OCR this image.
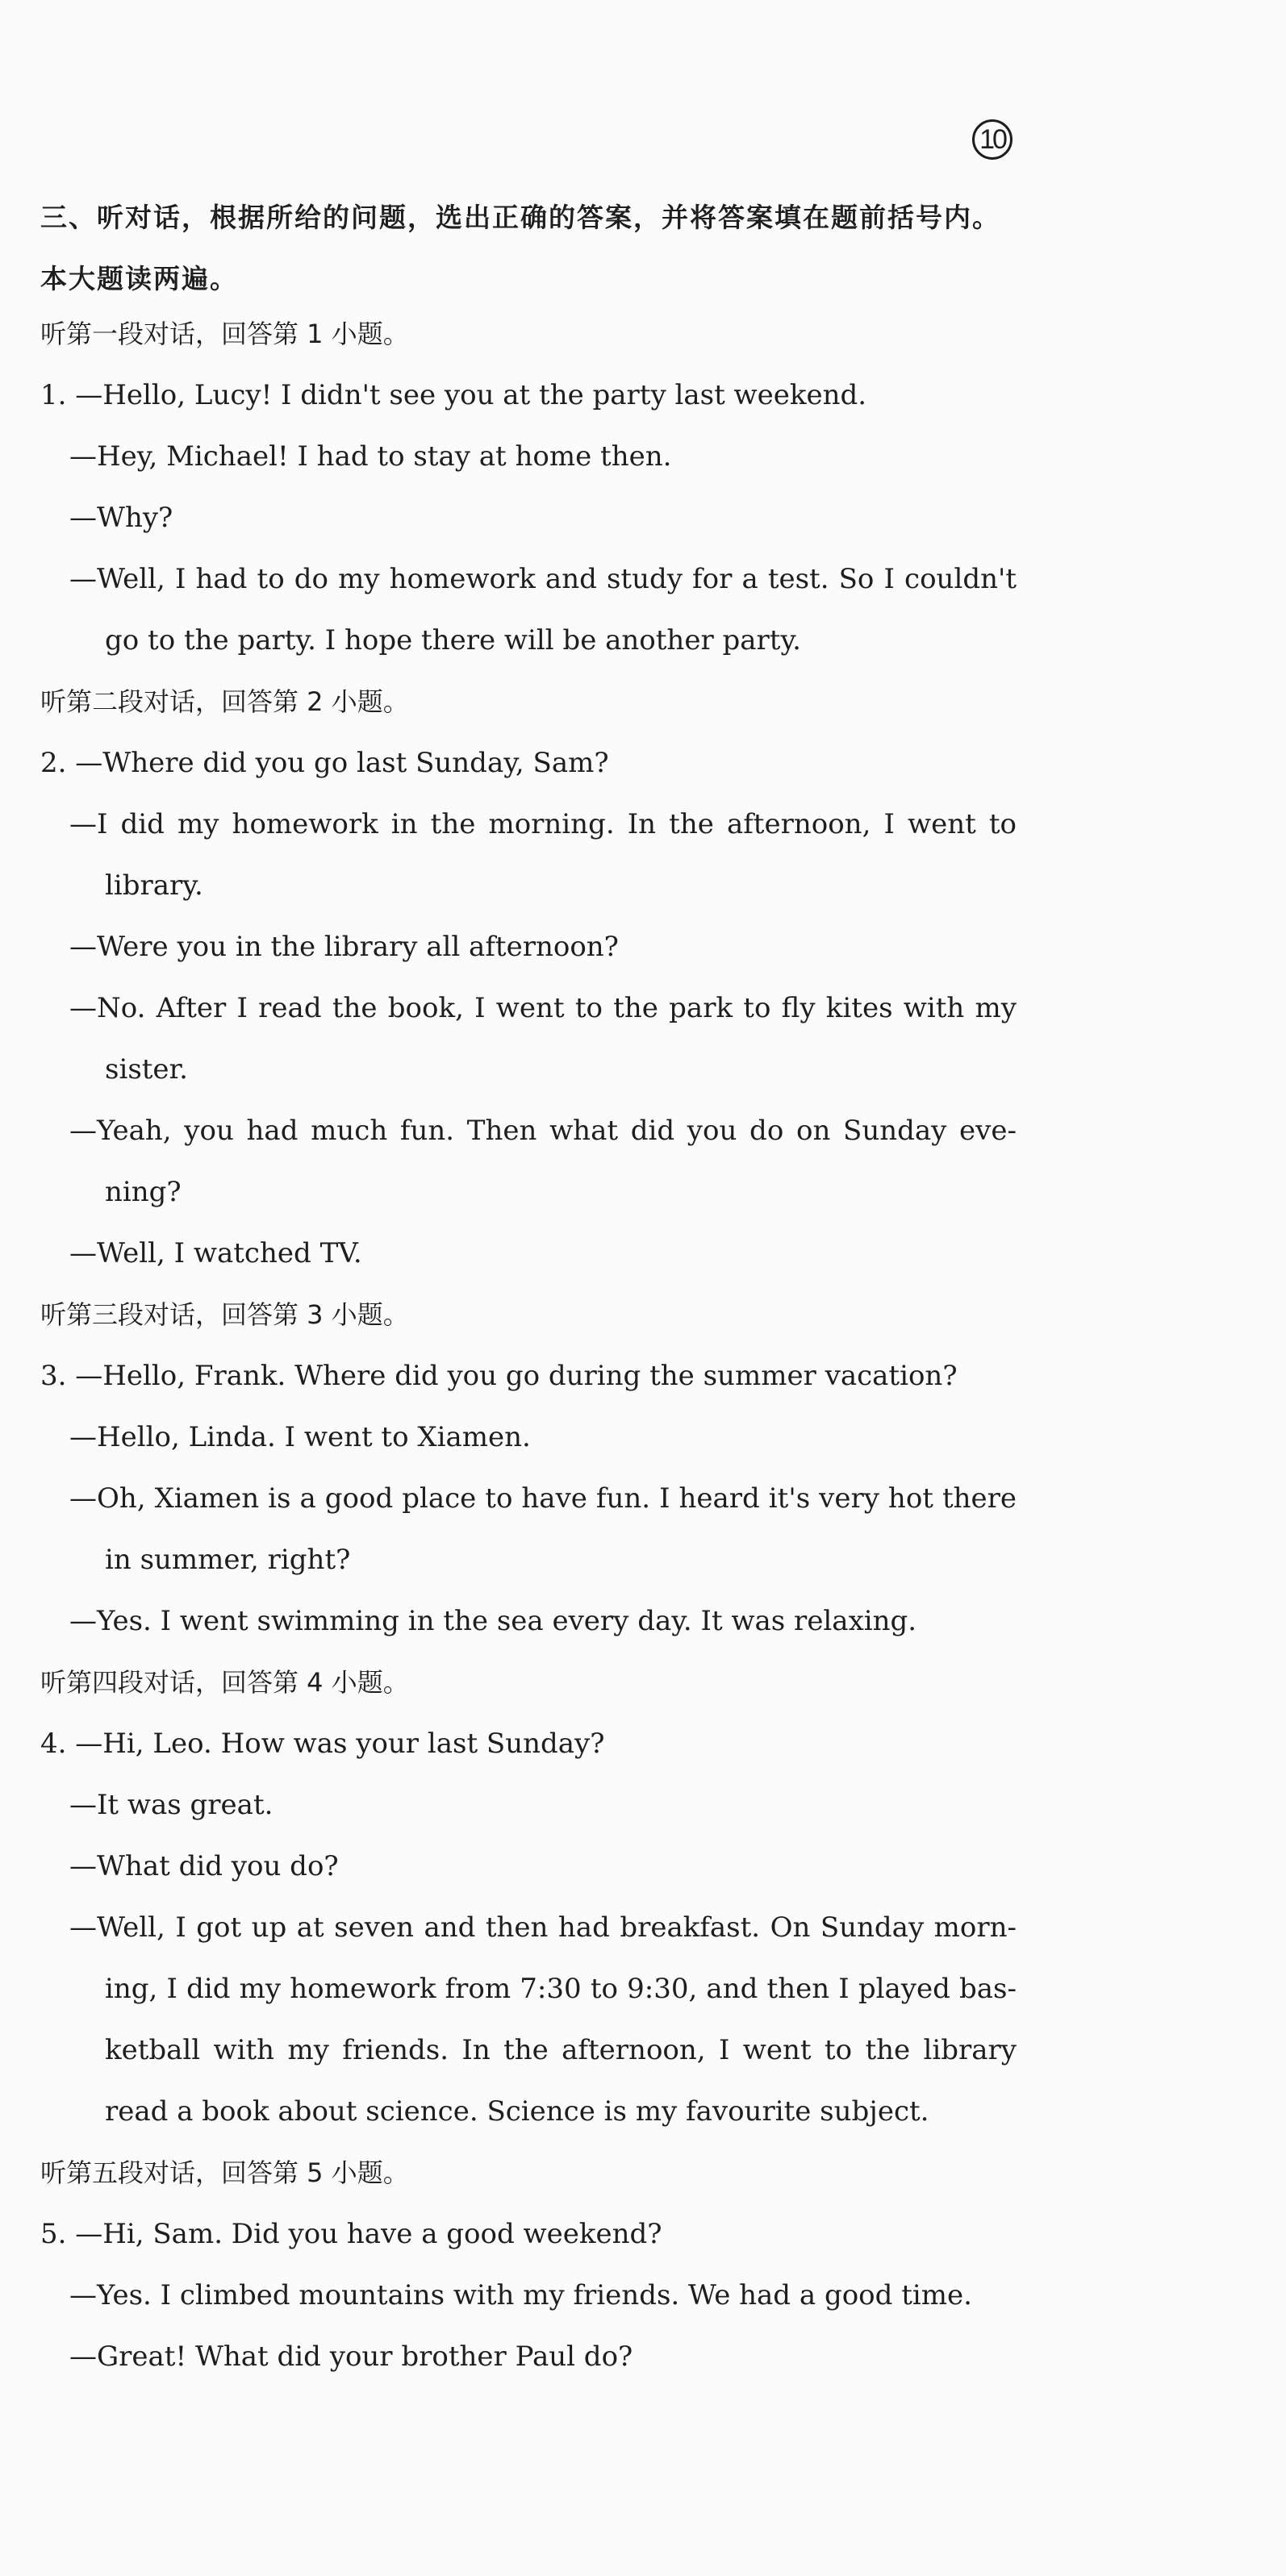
10
三、听对话，根据所给的问题，选出正确的答案，并将答案填在题前括号内。本大题读两遍。
听第一段对话，回答第 1 小题。
1. —Hello, Lucy! I didn't see you at the party last weekend.
—Hey, Michael! I had to stay at home then.
—Why?
—Well, I had to do my homework and study for a test. So I couldn't
go to the party. I hope there will be another party.
听第二段对话，回答第 2 小题。
2. —Where did you go last Sunday, Sam?
—I did my homework in the morning. In the afternoon, I went to
library.
—Were you in the library all afternoon?
—No. After I read the book, I went to the park to fly kites with my
sister.
—Yeah, you had much fun. Then what did you do on Sunday eve-
ning?
—Well, I watched TV.
听第三段对话，回答第 3 小题。
3. —Hello, Frank. Where did you go during the summer vacation?
—Hello, Linda. I went to Xiamen.
—Oh, Xiamen is a good place to have fun. I heard it's very hot there
in summer, right?
—Yes. I went swimming in the sea every day. It was relaxing.
听第四段对话，回答第 4 小题。
4. —Hi, Leo. How was your last Sunday?
—It was great.
—What did you do?
—Well, I got up at seven and then had breakfast. On Sunday morn-
ing, I did my homework from 7:30 to 9:30, and then I played bas-
ketball with my friends. In the afternoon, I went to the library
read a book about science. Science is my favourite subject.
听第五段对话，回答第 5 小题。
5. —Hi, Sam. Did you have a good weekend?
—Yes. I climbed mountains with my friends. We had a good time.
—Great! What did your brother Paul do?
